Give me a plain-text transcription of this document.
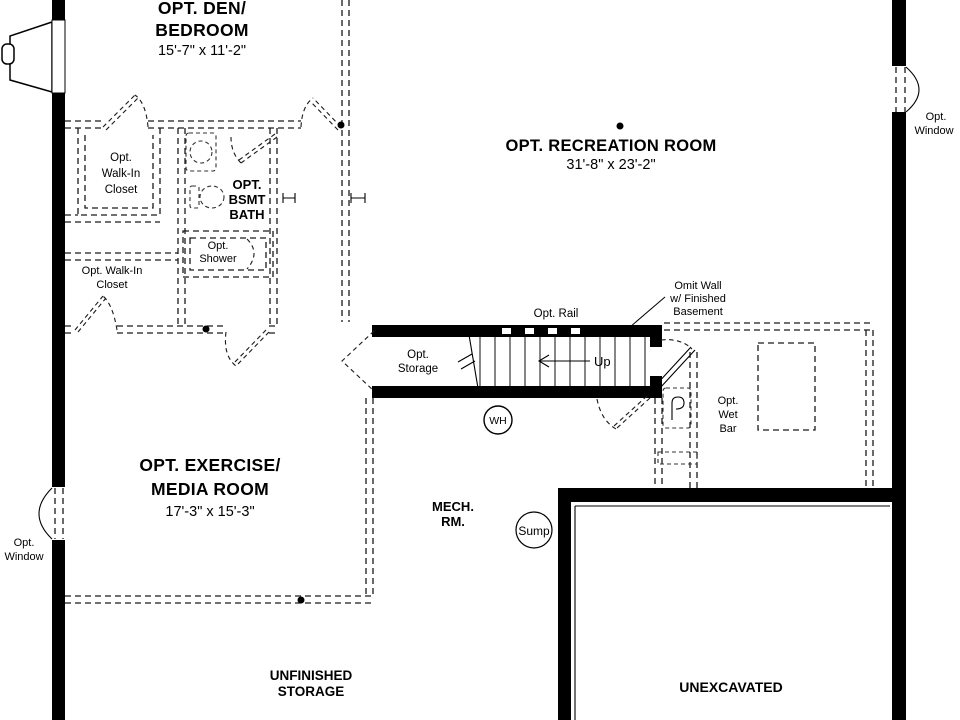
WH
Sump
OPT. DEN/
BEDROOM
15'-7" x 11'-2"
OPT. RECREATION ROOM
31'-8" x 23'-2"
OPT. EXERCISE/
MEDIA ROOM
17'-3" x 15'-3"	MECH.
RM.
UNFINISHED
STORAGE	UNEXCAVATED
Opt.
Walk-In
Closet	OPT.
BSMT
BATH
Opt.
Shower
Opt. Walk-In
Closet
Opt.
Storage
Opt. Rail
Up
Opt.
Wet
Bar
Omit Wall
w/ Finished
Basement
Opt.
Window
Opt.
Window
